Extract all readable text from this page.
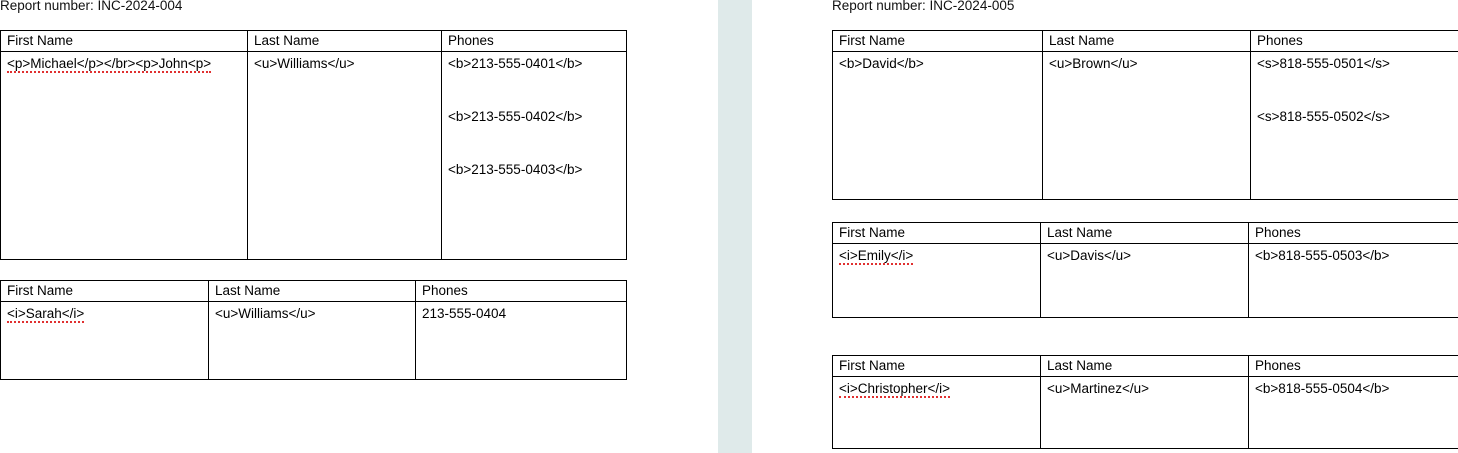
Report number: INC-2024-004
First Name	Last Name	Phones
<p>Michael</p></br><p>John<p>	<u>Williams</u>	<b>213-555-0401</b>

<b>213-555-0402</b>

<b>213-555-0403</b>

First Name	Last Name	Phones
<i>Sarah</i>	<u>Williams</u>	213-555-0404
Report number: INC-2024-005
First Name	Last Name	Phones
<b>David</b>	<u>Brown</u>	<s>818-555-0501</s>

<s>818-555-0502</s>

First Name	Last Name	Phones
<i>Emily</i>	<u>Davis</u>	<b>818-555-0503</b>
First Name	Last Name	Phones
<i>Christopher</i>	<u>Martinez</u>	<b>818-555-0504</b>
